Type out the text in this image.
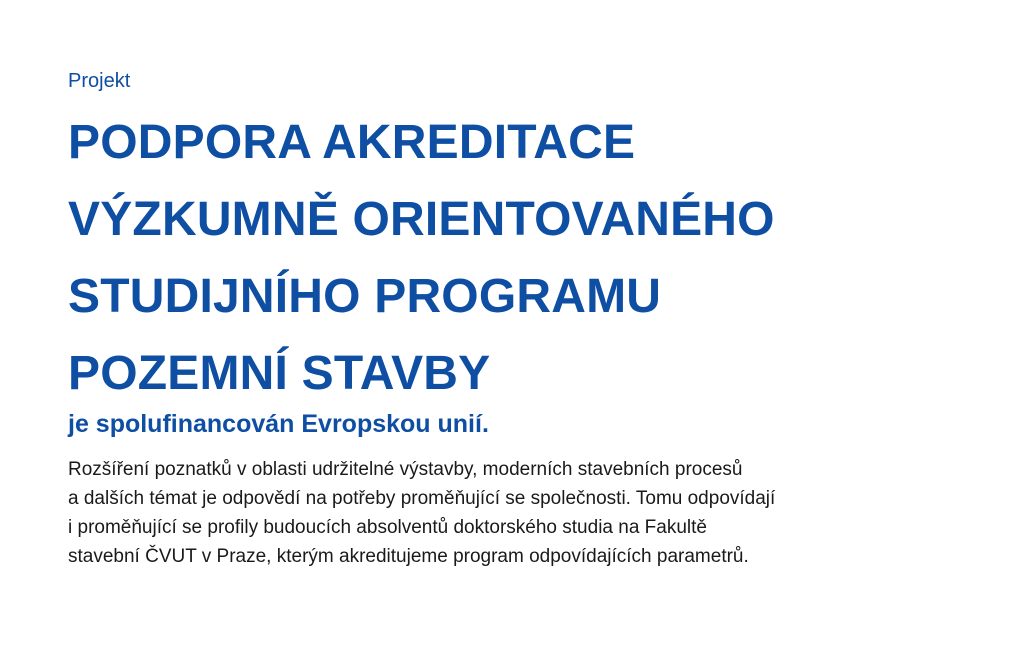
Projekt
PODPORA AKREDITACE
VÝZKUMNĚ ORIENTOVANÉHO
STUDIJNÍHO PROGRAMU
POZEMNÍ STAVBY
je spolufinancován Evropskou unií.

Rozšíření poznatků v oblasti udržitelné výstavby, moderních stavebních procesů
a dalších témat je odpovědí na potřeby proměňující se společnosti. Tomu odpovídají
i proměňující se profily budoucích absolventů doktorského studia na Fakultě
stavební ČVUT v Praze, kterým akreditujeme program odpovídajících parametrů.
